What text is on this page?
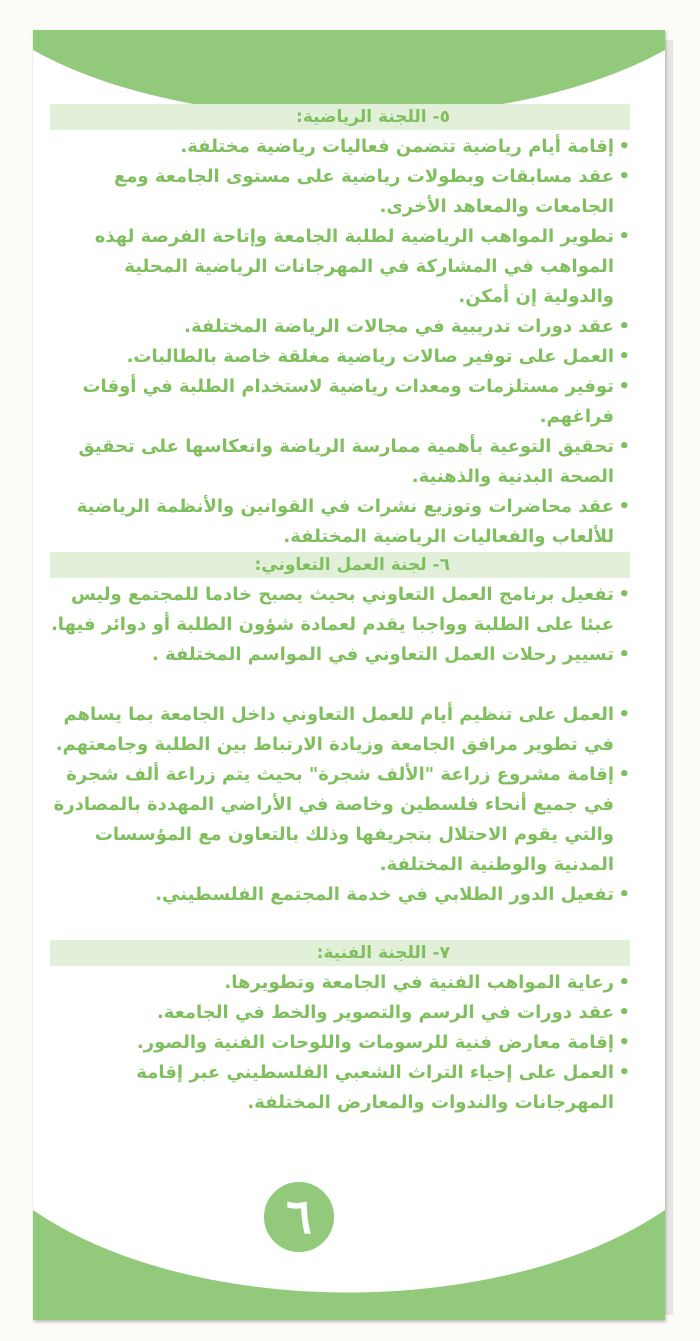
٥- اللجنة الرياضية:
• إقامة أيام رياضية تتضمن فعاليات رياضية مختلفة.
• عقد مسابقات وبطولات رياضية على مستوى الجامعة ومع الجامعات والمعاهد الأخرى.
• تطوير المواهب الرياضية لطلبة الجامعة وإتاحة الفرصة لهذه المواهب في المشاركة في المهرجانات الرياضية المحلية والدولية إن أمكن.
• عقد دورات تدريبية في مجالات الرياضة المختلفة.
• العمل على توفير صالات رياضية مغلقة خاصة بالطالبات.
• توفير مستلزمات ومعدات رياضية لاستخدام الطلبة في أوقات فراغهم.
• تحقيق التوعية بأهمية ممارسة الرياضة وانعكاسها على تحقيق الصحة البدنية والذهنية.
• عقد محاضرات وتوزيع نشرات في القوانين والأنظمة الرياضية للألعاب والفعاليات الرياضية المختلفة.
٦- لجنة العمل التعاوني:
• تفعيل برنامج العمل التعاوني بحيث يصبح خادما للمجتمع وليس عبئا على الطلبة وواجبا يقدم لعمادة شؤون الطلبة أو دوائر فيها.
• تسيير رحلات العمل التعاوني في المواسم المختلفة .
• العمل على تنظيم أيام للعمل التعاوني داخل الجامعة بما يساهم في تطوير مرافق الجامعة وزيادة الارتباط بين الطلبة وجامعتهم.
• إقامة مشروع زراعة "الألف شجرة" بحيث يتم زراعة ألف شجرة في جميع أنحاء فلسطين وخاصة في الأراضي المهددة بالمصادرة والتي يقوم الاحتلال بتجريفها وذلك بالتعاون مع المؤسسات المدنية والوطنية المختلفة.
• تفعيل الدور الطلابي في خدمة المجتمع الفلسطيني.
٧- اللجنة الفنية:
• رعاية المواهب الفنية في الجامعة وتطويرها.
• عقد دورات في الرسم والتصوير والخط في الجامعة.
• إقامة معارض فنية للرسومات واللوحات الفنية والصور.
• العمل على إحياء التراث الشعبي الفلسطيني عبر إقامة المهرجانات والندوات والمعارض المختلفة.
٦
